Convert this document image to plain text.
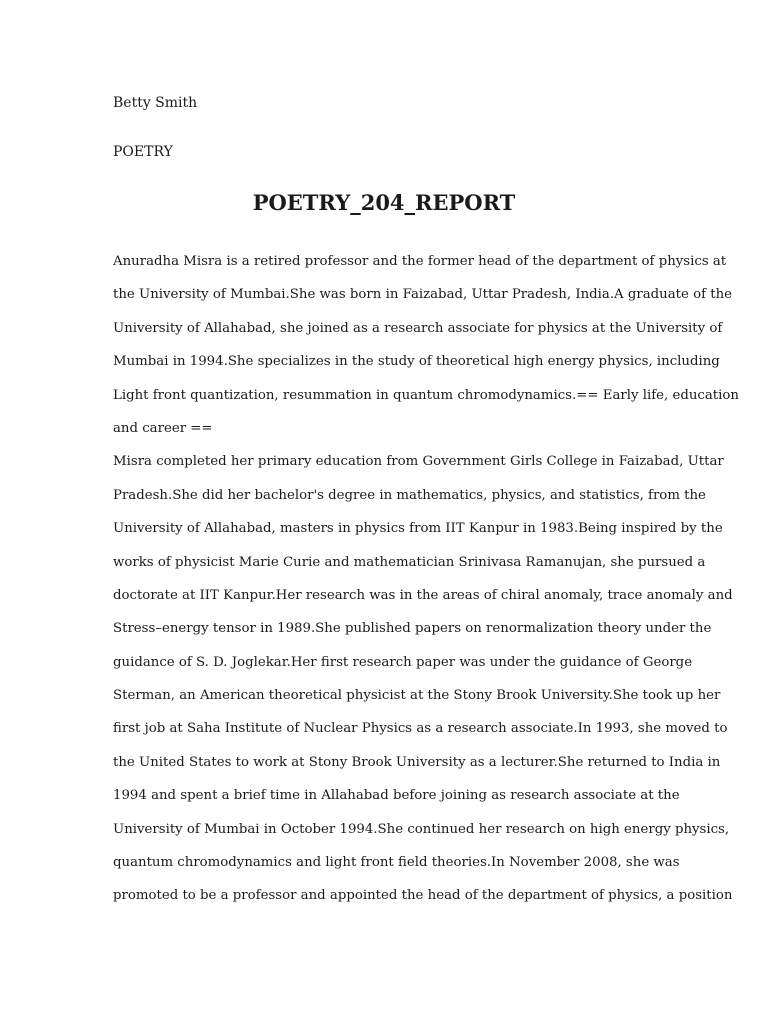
Betty Smith
POETRY
POETRY_204_REPORT
Anuradha Misra is a retired professor and the former head of the department of physics at
the University of Mumbai.She was born in Faizabad, Uttar Pradesh, India.A graduate of the
University of Allahabad, she joined as a research associate for physics at the University of
Mumbai in 1994.She specializes in the study of theoretical high energy physics, including
Light front quantization, resummation in quantum chromodynamics.== Early life, education
and career ==
Misra completed her primary education from Government Girls College in Faizabad, Uttar
Pradesh.She did her bachelor's degree in mathematics, physics, and statistics, from the
University of Allahabad, masters in physics from IIT Kanpur in 1983.Being inspired by the
works of physicist Marie Curie and mathematician Srinivasa Ramanujan, she pursued a
doctorate at IIT Kanpur.Her research was in the areas of chiral anomaly, trace anomaly and
Stress–energy tensor in 1989.She published papers on renormalization theory under the
guidance of S. D. Joglekar.Her first research paper was under the guidance of George
Sterman, an American theoretical physicist at the Stony Brook University.She took up her
first job at Saha Institute of Nuclear Physics as a research associate.In 1993, she moved to
the United States to work at Stony Brook University as a lecturer.She returned to India in
1994 and spent a brief time in Allahabad before joining as research associate at the
University of Mumbai in October 1994.She continued her research on high energy physics,
quantum chromodynamics and light front field theories.In November 2008, she was
promoted to be a professor and appointed the head of the department of physics, a position
